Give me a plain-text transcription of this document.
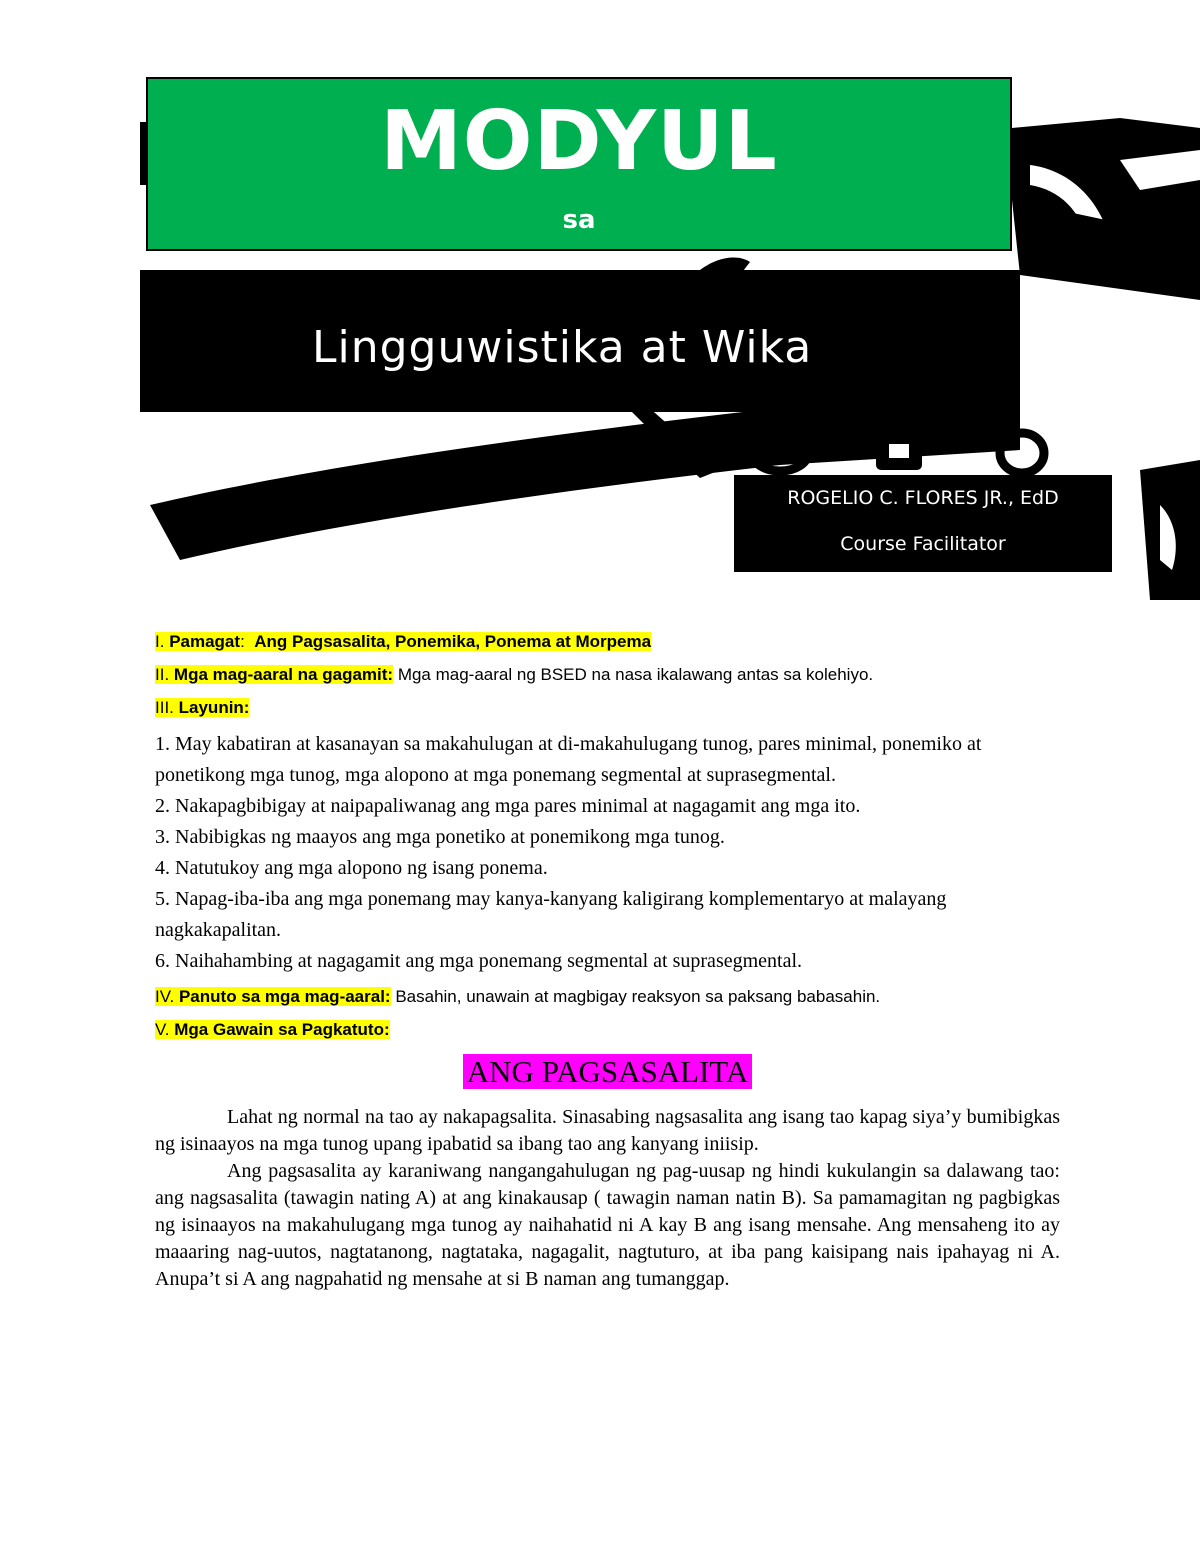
MODYUL
sa
Lingguwistika at Wika
ROGELIO C. FLORES JR., EdD
Course Facilitator

I. Pamagat: Ang Pagsasalita, Ponemika, Ponema at Morpema

II. Mga mag-aaral na gagamit: Mga mag-aaral ng BSED na nasa ikalawang antas sa kolehiyo.

III. Layunin:

1. May kabatiran at kasanayan sa makahulugan at di-makahulugang tunog, pares minimal, ponemiko at ponetikong mga tunog, mga alopono at mga ponemang segmental at suprasegmental.

2. Nakapagbibigay at naipapaliwanag ang mga pares minimal at nagagamit ang mga ito.

3. Nabibigkas ng maayos ang mga ponetiko at ponemikong mga tunog.

4. Natutukoy ang mga alopono ng isang ponema.

5. Napag-iba-iba ang mga ponemang may kanya-kanyang kaligirang komplementaryo at malayang nagkakapalitan.

6. Naihahambing at nagagamit ang mga ponemang segmental at suprasegmental.

IV. Panuto sa mga mag-aaral: Basahin, unawain at magbigay reaksyon sa paksang babasahin.

V. Mga Gawain sa Pagkatuto:

ANG PAGSASALITA

Lahat ng normal na tao ay nakapagsalita. Sinasabing nagsasalita ang isang tao kapag siya’y bumibigkas ng isinaayos na mga tunog upang ipabatid sa ibang tao ang kanyang iniisip.

Ang pagsasalita ay karaniwang nangangahulugan ng pag-uusap ng hindi kukulangin sa dalawang tao: ang nagsasalita (tawagin nating A) at ang kinakausap ( tawagin naman natin B). Sa pamamagitan ng pagbigkas ng isinaayos na makahulugang mga tunog ay naihahatid ni A kay B ang isang mensahe. Ang mensaheng ito ay maaaring nag-uutos, nagtatanong, nagtataka, nagagalit, nagtuturo, at iba pang kaisipang nais ipahayag ni A. Anupa’t si A ang nagpahatid ng mensahe at si B naman ang tumanggap.
